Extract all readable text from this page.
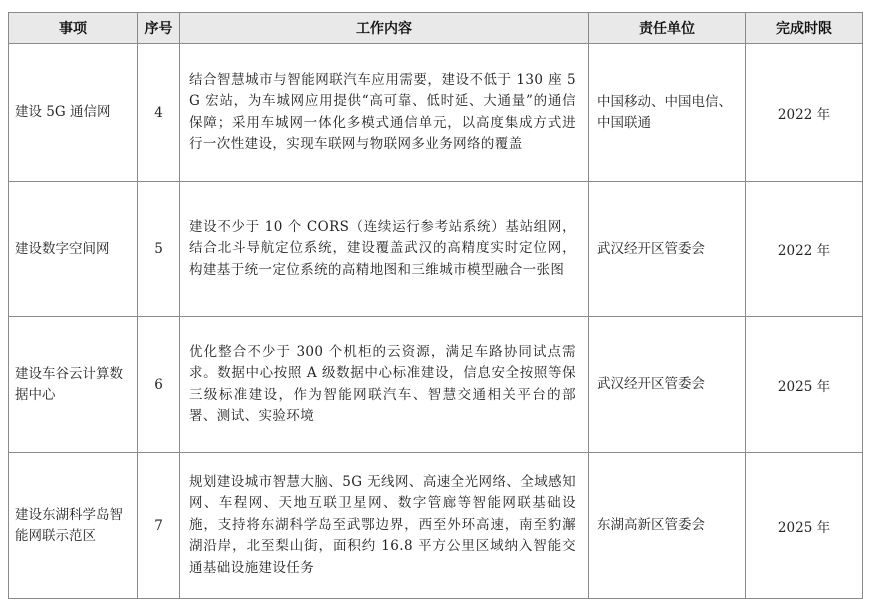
事项	序号	工作内容	责任单位	完成时限
建设 5G 通信网	4	结合智慧城市与智能网联汽车应用需要，建设不低于 130 座 5G 宏站，为车城网应用提供“高可靠、低时延、大通量”的通信保障；采用车城网一体化多模式通信单元，以高度集成方式进行一次性建设，实现车联网与物联网多业务网络的覆盖	中国移动、中国电信、中国联通	2022 年
建设数字空间网	5	建设不少于 10 个 CORS（连续运行参考站系统）基站组网，结合北斗导航定位系统，建设覆盖武汉的高精度实时定位网，构建基于统一定位系统的高精地图和三维城市模型融合一张图	武汉经开区管委会	2022 年
建设车谷云计算数据中心	6	优化整合不少于 300 个机柜的云资源，满足车路协同试点需求。数据中心按照 A 级数据中心标准建设，信息安全按照等保三级标准建设，作为智能网联汽车、智慧交通相关平台的部署、测试、实验环境	武汉经开区管委会	2025 年
建设东湖科学岛智能网联示范区	7	规划建设城市智慧大脑、5G 无线网、高速全光网络、全域感知网、车程网、天地互联卫星网、数字管廊等智能网联基础设施，支持将东湖科学岛至武鄂边界，西至外环高速，南至豹澥湖沿岸，北至梨山街，面积约 16.8 平方公里区域纳入智能交通基础设施建设任务	东湖高新区管委会	2025 年
